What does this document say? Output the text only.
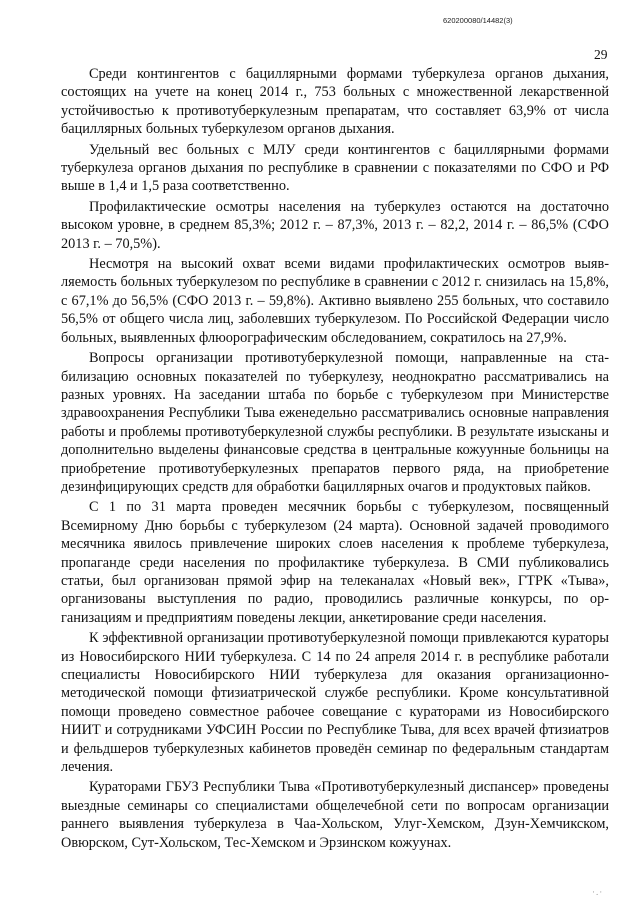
620200080/14482(3)
29

Среди контингентов с бациллярными формами туберкулеза органов дыхания, состоящих на учете на конец 2014 г., 753 больных с множественной лекарственной устойчивостью к противотуберкулезным препаратам, что составляет 63,9% от числа бациллярных больных туберкулезом органов дыхания.

Удельный вес больных с МЛУ среди контингентов с бациллярными формами туберкулеза органов дыхания по республике в сравнении с показателями по СФО и РФ выше в 1,4 и 1,5 раза соответственно.

Профилактические осмотры населения на туберкулез остаются на достаточно высоком уровне, в среднем 85,3%; 2012 г. – 87,3%, 2013 г. – 82,2, 2014 г. – 86,5% (СФО 2013 г. – 70,5%).

Несмотря на высокий охват всеми видами профилактических осмотров выявляемость больных туберкулезом по республике в сравнении с 2012 г. снизилась на 15,8%, с 67,1% до 56,5% (СФО 2013 г. – 59,8%). Активно выявлено 255 больных, что составило 56,5% от общего числа лиц, заболевших туберкулезом. По Российской Федерации число больных, выявленных флюорографическим обследованием, сократилось на 27,9%.

Вопросы организации противотуберкулезной помощи, направленные на стабилизацию основных показателей по туберкулезу, неоднократно рассматривались на разных уровнях. На заседании штаба по борьбе с туберкулезом при Министерстве здравоохранения Республики Тыва еженедельно рассматривались основные направления работы и проблемы противотуберкулезной службы республики. В результате изысканы и дополнительно выделены финансовые средства в центральные кожуунные больницы на приобретение противотуберкулезных препаратов первого ряда, на приобретение дезинфицирующих средств для обработки бациллярных очагов и продуктовых пайков.

С 1 по 31 марта проведен месячник борьбы с туберкулезом, посвященный Всемирному Дню борьбы с туберкулезом (24 марта). Основной задачей проводимого месячника явилось привлечение широких слоев населения к проблеме туберкулеза, пропаганде среди населения по профилактике туберкулеза. В СМИ публиковались статьи, был организован прямой эфир на телеканалах «Новый век», ГТРК «Тыва», организованы выступления по радио, проводились различные конкурсы, по организациям и предприятиям поведены лекции, анкетирование среди населения.

К эффективной организации противотуберкулезной помощи привлекаются кураторы из Новосибирского НИИ туберкулеза. С 14 по 24 апреля 2014 г. в республике работали специалисты Новосибирского НИИ туберкулеза для оказания организационно-методической помощи фтизиатрической службе республики. Кроме консультативной помощи проведено совместное рабочее совещание с кураторами из Новосибирского НИИТ и сотрудниками УФСИН России по Республике Тыва, для всех врачей фтизиатров и фельдшеров туберкулезных кабинетов проведён семинар по федеральным стандартам лечения.

Кураторами ГБУЗ Республики Тыва «Противотуберкулезный диспансер» проведены выездные семинары со специалистами общелечебной сети по вопросам организации раннего выявления туберкулеза в Чаа-Хольском, Улуг-Хемском, Дзун-Хемчикском, Овюрском, Сут-Хольском, Тес-Хемском и Эрзинском кожуунах.

·.·
